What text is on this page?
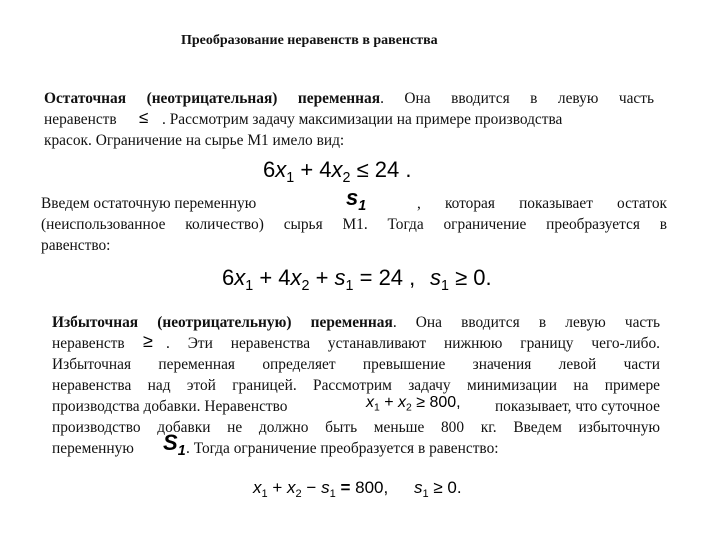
Преобразование неравенств в равенства
Остаточная (неотрицательная) переменная. Она вводится в левую часть
неравенств ≤ . Рассмотрим задачу максимизации на примере производства
красок. Ограничение на сырье M1 имело вид:
$6x_1 + 4x_2 \le 24$ .
Введем остаточную переменную	$s_1$	, которая показывает остаток
(неиспользованное количество) сырья M1. Тогда ограничение преобразуется в
равенство:
$6x_1 + 4x_2 + s_1 = 24$ , $s_1 \ge 0$.
Избыточная (неотрицательную) переменная. Она вводится в левую часть
неравенств ≥ . Эти неравенства устанавливают нижнюю границу чего-либо.
Избыточная переменная определяет превышение значения левой части
неравенства над этой границей. Рассмотрим задачу минимизации на примере
производства добавки. Неравенство	$x_1 + x_2 \ge 800$,	показывает, что суточное
производство добавки не должно быть меньше 800 кг. Введем избыточную
переменную $S_1$ . Тогда ограничение преобразуется в равенство:
$x_1 + x_2 - s_1 = 800$, $s_1 \ge 0$.
